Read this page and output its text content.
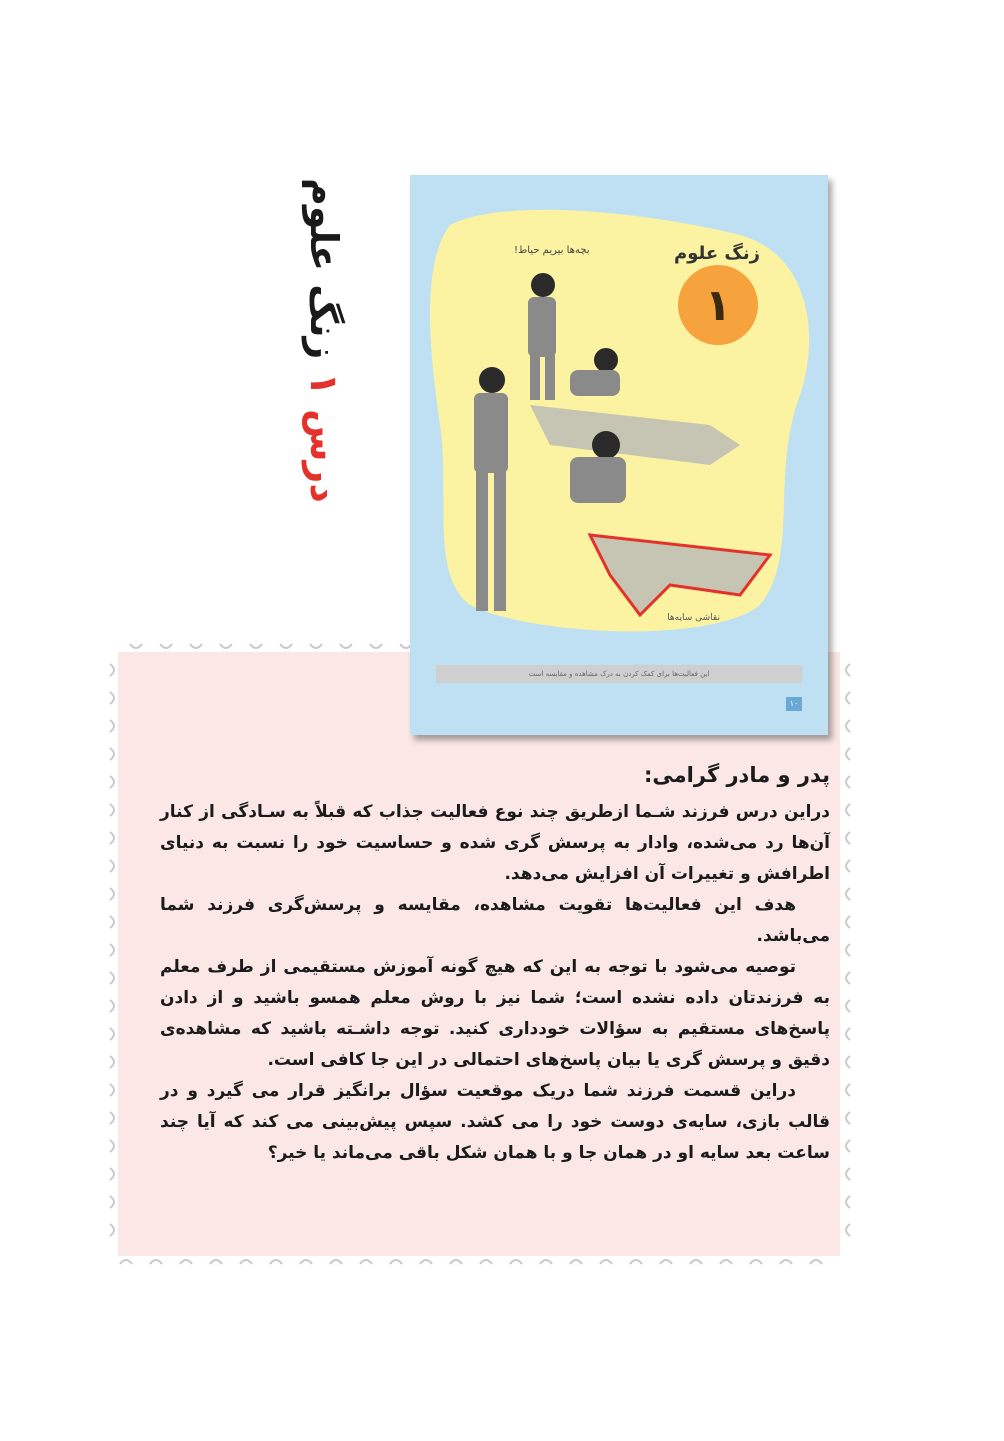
درس ۱ زنگ علوم	زنگ علوم
بچه‌ها بیریم حیاط!
۱
نقاشی سایه‌ها
این فعالیت‌ها برای کمک کردن به درک مشاهده و مقایسه است
۱۰
پدر و مادر گرامی:

دراین درس فرزند شـما ازطریق چند نوع فعالیت جذاب که قبلاً به سـادگی از کنار آن‌ها رد می‌شده، وادار به پرسش گری شده و حساسیت خود را نسبت به دنیای اطرافش و تغییرات آن افزایش می‌دهد.

هدف این فعالیت‌ها تقویت مشاهده، مقایسه و پرسش‌گری فرزند شما می‌باشد.

توصیه می‌شود با توجه به این که هیچ گونه آموزش مستقیمی از طرف معلم به فرزندتان داده نشده است؛ شما نیز با روش معلم همسو باشید و از دادن پاسخ‌های مستقیم به سؤالات خودداری کنید. توجه داشـته باشید که مشاهده‌ی دقیق و پرسش گری یا بیان پاسخ‌های احتمالی در این جا کافی است.

دراین قسمت فرزند شما دریک موقعیت سؤال برانگیز قرار می گیرد و در قالب بازی، سایه‌ی دوست خود را می کشد. سپس پیش‌بینی می کند که آیا چند ساعت بعد سایه او در همان جا و با همان شکل باقی می‌ماند یا خیر؟
